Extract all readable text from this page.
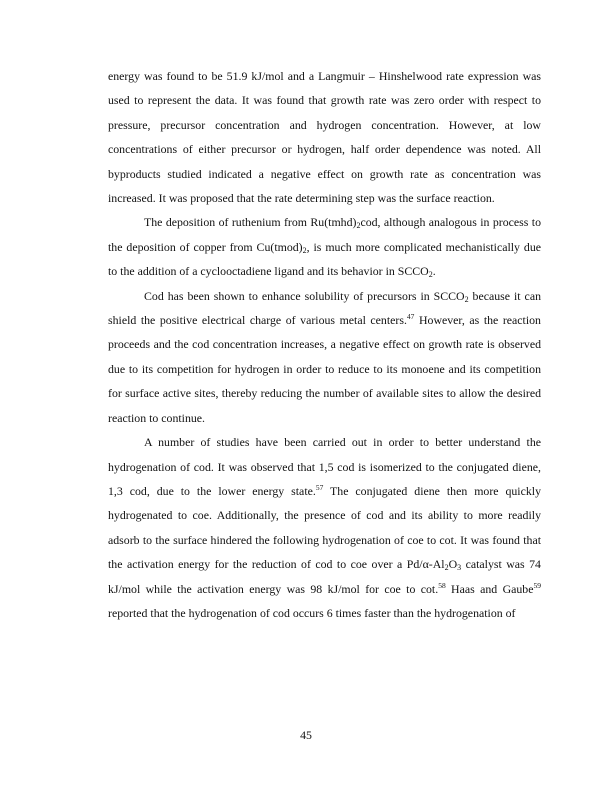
energy was found to be 51.9 kJ/mol and a Langmuir – Hinshelwood rate expression was used to represent the data. It was found that growth rate was zero order with respect to pressure, precursor concentration and hydrogen concentration. However, at low concentrations of either precursor or hydrogen, half order dependence was noted. All byproducts studied indicated a negative effect on growth rate as concentration was increased. It was proposed that the rate determining step was the surface reaction.

The deposition of ruthenium from $Ru(tmhd)_2cod$, although analogous in process to the deposition of copper from $Cu(tmod)_2$, is much more complicated mechanistically due to the addition of a cyclooctadiene ligand and its behavior in $SCCO_2$.

Cod has been shown to enhance solubility of precursors in $SCCO_2$ because it can shield the positive electrical charge of various metal centers.$^{47}$ However, as the reaction proceeds and the cod concentration increases, a negative effect on growth rate is observed due to its competition for hydrogen in order to reduce to its monoene and its competition for surface active sites, thereby reducing the number of available sites to allow the desired reaction to continue.

A number of studies have been carried out in order to better understand the hydrogenation of cod. It was observed that 1,5 cod is isomerized to the conjugated diene, 1,3 cod, due to the lower energy state.$^{57}$ The conjugated diene then more quickly hydrogenated to coe. Additionally, the presence of cod and its ability to more readily adsorb to the surface hindered the following hydrogenation of coe to cot. It was found that the activation energy for the reduction of cod to coe over a $Pd/\alpha-Al_2O_3$ catalyst was 74 kJ/mol while the activation energy was 98 kJ/mol for coe to cot.$^{58}$ Haas and Gaube$^{59}$ reported that the hydrogenation of cod occurs 6 times faster than the hydrogenation of

45
